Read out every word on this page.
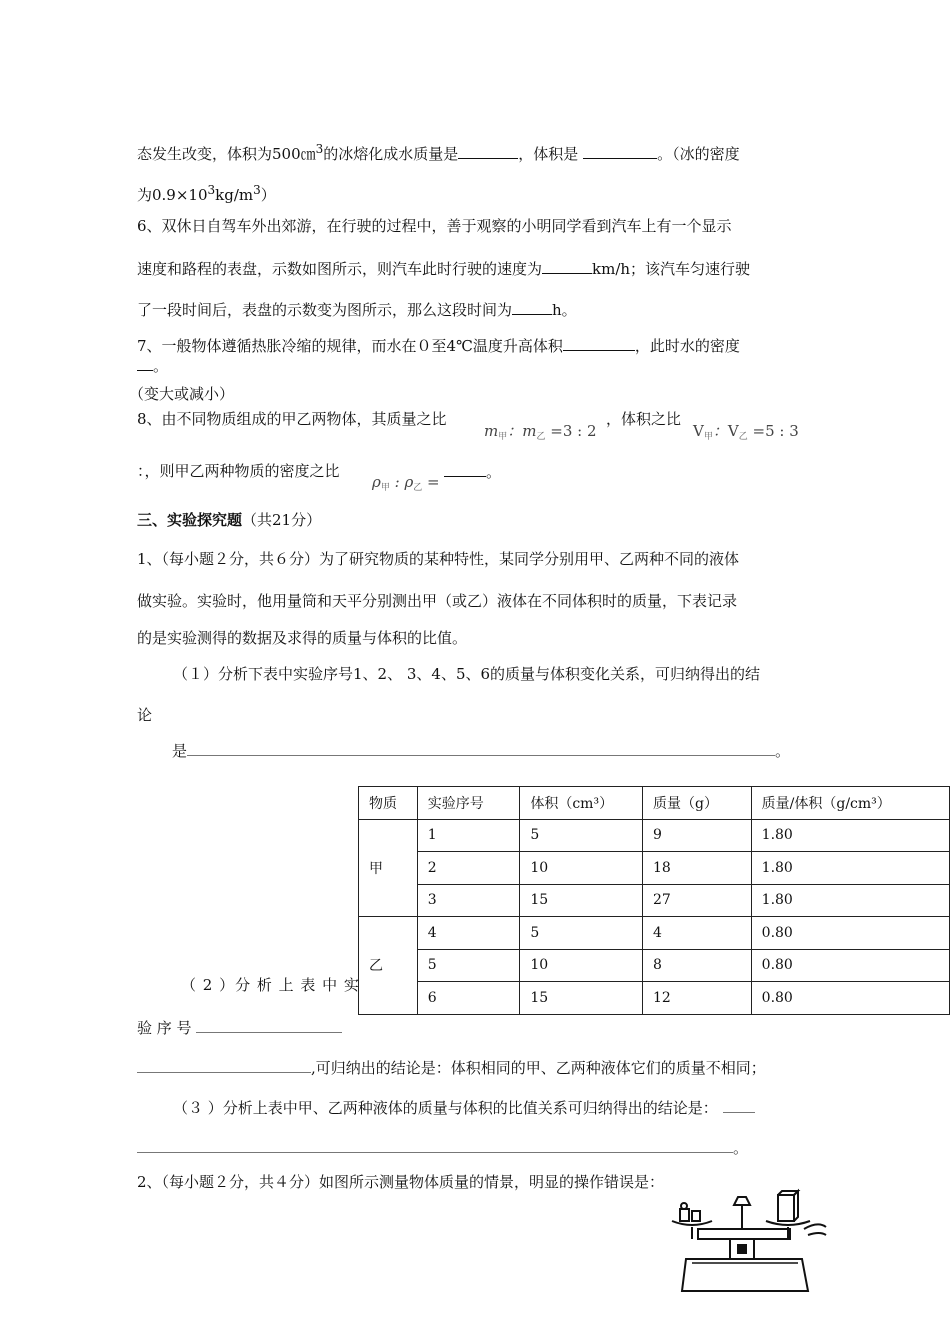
态发生改变，体积为500㎝$^3$的冰熔化成水质量是	，体积是	。（冰的密度
为$0.9\times 10^3kg/m^3$）
6、双休日自驾车外出郊游，在行驶的过程中，善于观察的小明同学看到汽车上有一个显示
速度和路程的表盘，示数如图所示，则汽车此时行驶的速度为	km/h；该汽车匀速行驶
了一段时间后，表盘的示数变为图所示，那么这段时间为	h。
7、一般物体遵循热胀冷缩的规律，而水在０至4℃温度升高体积	，此时水的密度
。
（变大或减小）
8、由不同物质组成的甲乙两物体，其质量之比
$m_甲$：$m_乙 =3$ : 2
，体积之比
$V_甲$：$V_乙 =5$ : 3
：，则甲乙两种物质的密度之比
$\rho_甲$ : $\rho_乙$ =
。
三、实验探究题（共21分）
1、（每小题２分，共６分）为了研究物质的某种特性，某同学分别用甲、乙两种不同的液体
做实验。实验时，他用量筒和天平分别测出甲（或乙）液体在不同体积时的质量，下表记录
的是实验测得的数据及求得的质量与体积的比值。
（１）分析下表中实验序号1、2、 3、4、5、6的质量与体积变化关系，可归纳得出的结
论
是	。
物质	实验序号	体积（cm³）	质量（g）	质量/体积（g/cm³）
甲	1	5	9	1.80
	2	10	18	1.80
	3	15	27	1.80
乙	4	5	4	0.80
	5	10	8	0.80
	6	15	12	0.80
（ 2 ）分 析 上 表 中 实
验 序 号
,可归纳出的结论是：体积相同的甲、乙两种液体它们的质量不相同；
（３ ）分析上表中甲、乙两种液体的质量与体积的比值关系可归纳得出的结论是：
。
2、（每小题２分，共４分）如图所示测量物体质量的情景，明显的操作错误是：
